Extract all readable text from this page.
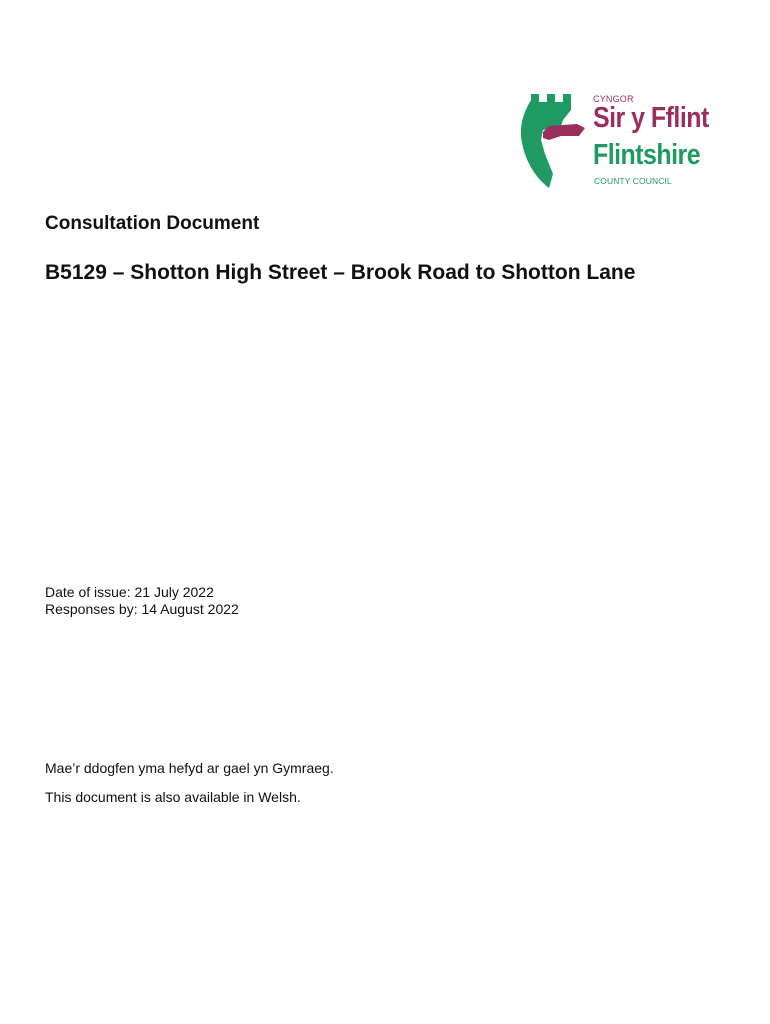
CYNGOR
Sir y Fflint
Flintshire
COUNTY COUNCIL
Consultation Document
B5129 – Shotton High Street – Brook Road to Shotton Lane
Date of issue: 21 July 2022
Responses by: 14 August 2022
Mae’r ddogfen yma hefyd ar gael yn Gymraeg.
This document is also available in Welsh.
